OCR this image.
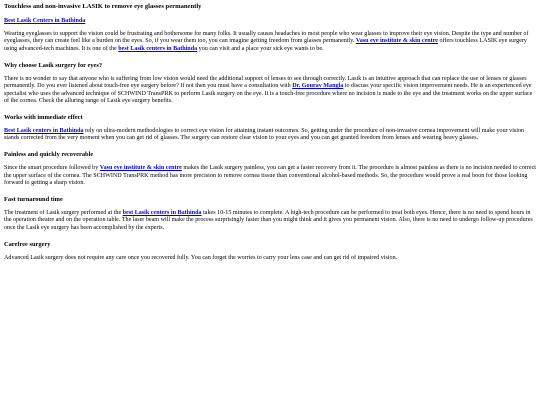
Touchless and non-invasive LASIK to remove eye glasses permanently
Best Lasik Centers in Bathinda

Wearing eyeglasses to support the vision could be frustrating and bothersome for many folks. It usually causes headaches to most people who wear glasses to improve their eye vision. Despite the type and number of eyeglasses, they can create feel like a burden on the eyes. So, if you wear them too, you can imagine getting freedom from glasses permanently. Vasu eye institute & skin centre offers touchless LASIK eye surgery using advanced-tech machines. It is one of the best Lasik centers in Bathinda you can visit and a place your sick eye wants to be.

Why choose Lasik surgery for eyes?

There is no wonder to say that anyone who is suffering from low vision would need the additional support of lenses to see through correctly. Lasik is an intuitive approach that can replace the use of lenses or glasses permanently. Do you ever listened about touch-free eye surgery before? If not then you must have a consultation with Dr. Gourav Mangla to discuss your specific vision improvement needs. He is an experienced eye specialist who uses the advanced technique of SCHWIND TransPRK to perform Lasik surgery on the eye. It is a touch-free procedure where no incision is made to the eye and the treatment works on the upper surface of the cornea. Check the alluring range of Lasik eye surgery benefits.

Works with immediate effect

Best Lasik centers in Bathinda rely on ultra-modern methodologies to correct eye vision for attaining instant outcomes. So, getting under the procedure of non-invasive cornea improvement will make your vision stands corrected from the very moment when you can get rid of glasses. The surgery can restore clear vision to your eyes and you can get granted freedom from lenses and wearing heavy glasses.

Painless and quickly recoverable

Since the smart procedure followed by Vasu eye institute & skin centre makes the Lasik surgery painless, you can get a faster recovery from it. The procedure is almost painless as there is no incision needed to correct the upper surface of the cornea. The SCHWIND TransPRK method has more precision to remove cornea tissue than conventional alcohol-based methods. So, the procedure would prove a real boon for those looking forward to getting a sharp vision.

Fast turnaround time

The treatment of Lasik surgery performed at the best Lasik centers in Bathinda takes 10-15 minutes to complete. A high-tech procedure can be performed to treat both eyes. Hence, there is no need to spend hours in the operation theatre and on the operation table. The laser beam will make the process surprisingly faster than you might think and it gives you permanent vision. Also, there is no need to undergo follow-up procedures once the Lasik eye surgery has been accomplished by the experts.

Carefree surgery

Advanced Lasik surgery does not require any care once you recovered fully. You can forget the worries to carry your lens case and can get rid of impaired vision.
